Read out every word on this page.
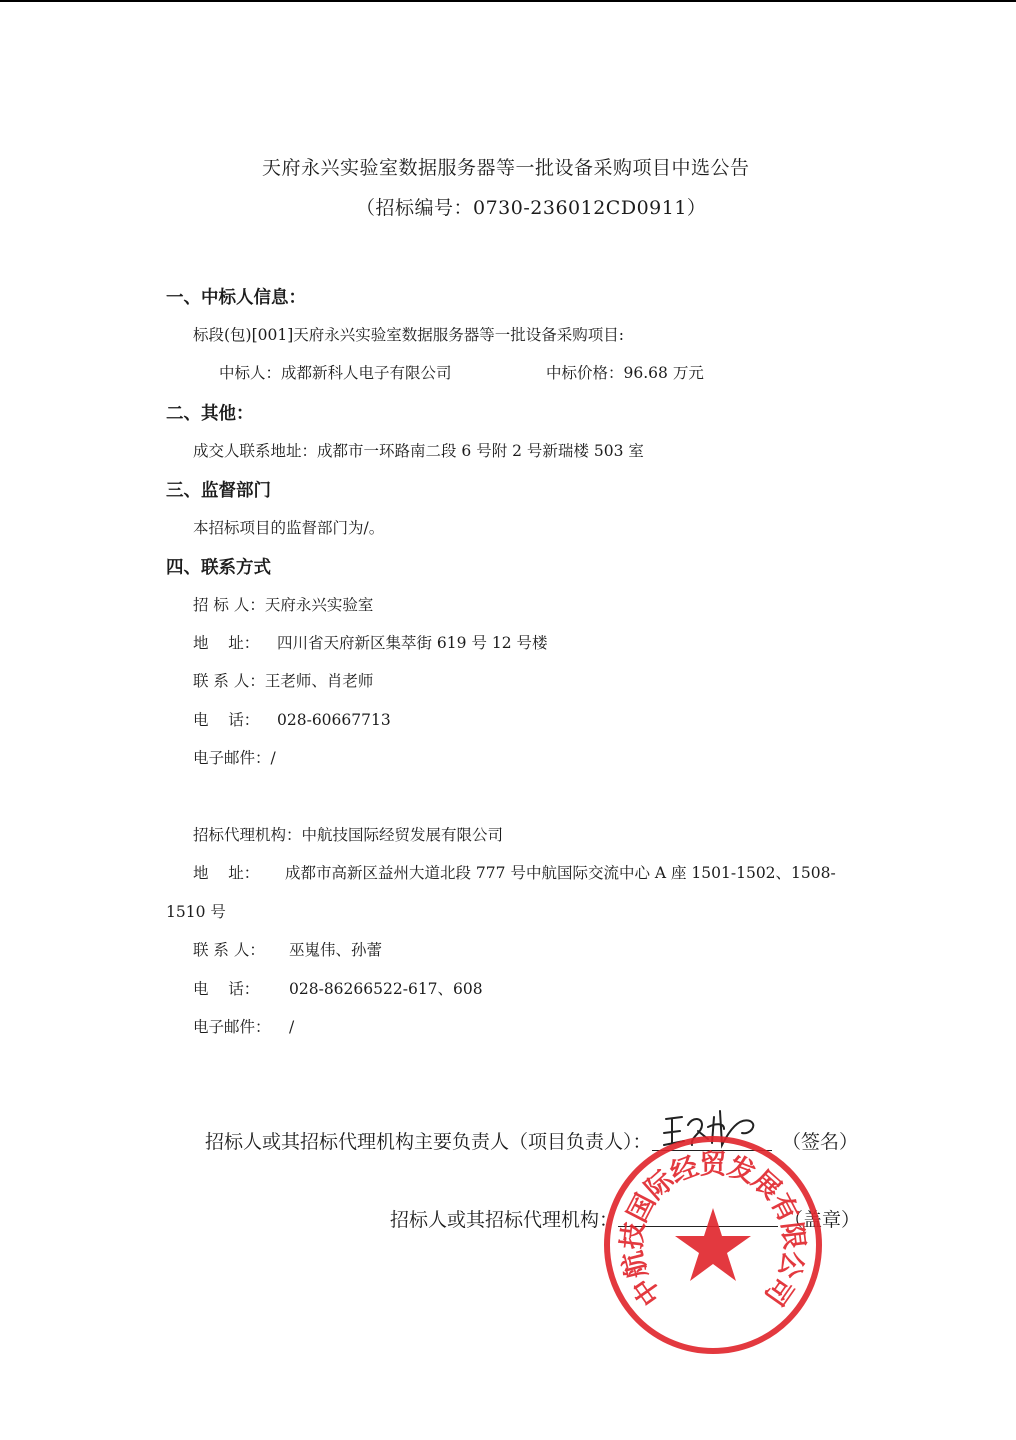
天府永兴实验室数据服务器等一批设备采购项目中选公告
（招标编号：0730-236012CD0911）
一、中标人信息：
标段(包)[001]天府永兴实验室数据服务器等一批设备采购项目:
中标人：成都新科人电子有限公司	中标价格：96.68 万元
二、其他：
成交人联系地址：成都市一环路南二段 6 号附 2 号新瑞楼 503 室
三、监督部门
本招标项目的监督部门为/。
四、联系方式
招 标 人：天府永兴实验室
地    址： 四川省天府新区集萃街 619 号 12 号楼
联 系 人：王老师、肖老师
电    话： 028-60667713
电子邮件：/
招标代理机构：中航技国际经贸发展有限公司
地    址： 成都市高新区益州大道北段 777 号中航国际交流中心 A 座 1501-1502、1508-
1510 号
联 系 人： 巫嵬伟、孙蕾
电    话： 028-86266522-617、608
电子邮件： /
招标人或其招标代理机构主要负责人（项目负责人）：	（签名）
招标人或其招标代理机构：	（盖章）
中
航
技
国
际
经
贸
发
展
有
限
公
司
